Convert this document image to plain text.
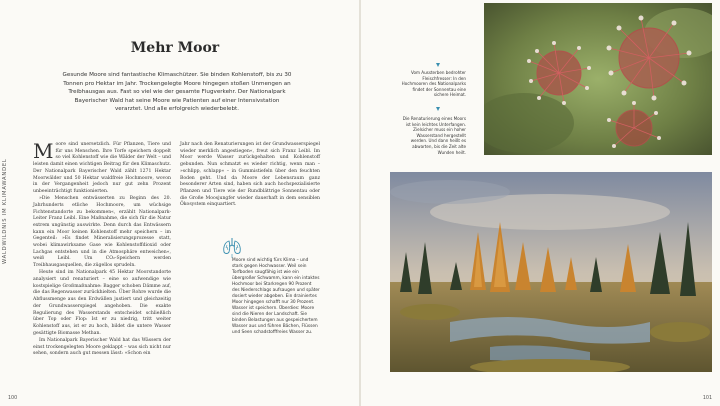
WALDWILDNIS IM KLIMAWANDEL
Mehr Moor

Gesunde Moore sind fantastische Klimaschützer. Sie binden Kohlenstoff, bis zu 30 Tonnen pro Hektar im Jahr. Trockengelegte Moore hingegen stoßen Unmengen an Treibhausgas aus. Fast so viel wie der gesamte Flugverkehr. Der Nationalpark Bayerischer Wald hat seine Moore wie Patienten auf einer Intensivstation verarztet. Und alle erfolgreich wiederbelebt.

Moore sind unersetzlich. Für Pflanzen, Tiere und für uns Menschen. Ihre Torfe speichern doppelt so viel Kohlenstoff wie die Wälder der Welt – und leisten damit einen wichtigen Beitrag für den Klimaschutz. Der Nationalpark Bayerischer Wald zählt 1271 Hektar Moorwälder und 50 Hektar waldfreie Hochmoore, wovon in der Vergangenheit jedoch nur gut zehn Prozent unbeeinträchtigt funktionierten.

»Die Menschen entwässerten zu Beginn des 20. Jahrhunderts etliche Hochmoore, um wüchsige Fichtenstandorte zu bekommen«, erzählt Nationalpark-Leiter Franz Leibl. Eine Maßnahme, die sich für die Natur extrem ungünstig auswirkte. Denn durch das Entwässern kann ein Moor keinen Kohlenstoff mehr speichern – im Gegenteil: »Es findet Mineralisierungsprozesse statt, wobei klimawirksame Gase wie Kohlenstoffdioxid oder Lachgas entstehen und in die Atmosphäre entweichen«, weiß Leibl. Um CO₂-Speichern werden Treibhausgasquellen, die zügellos sprudeln.

Heute sind im Nationalpark 45 Hektar Moorstandorte analysiert und renaturiert – eine so aufwendige wie kostspielige Großmaßnahme: Bagger schoben Dämme auf, die das Regenwasser zurückhielten. Über Rohre wurde die Abflussmenge aus den Erdwällen justiert und gleichzeitig der Grundwasserspiegel angehoben. Die exakte Regulierung des Wasserstands entscheidet schließlich über Top oder Flop: Ist er zu niedrig, tritt weiter Kohlenstoff aus, ist er zu hoch, bildet die untere Wasser gesättigte Biomasse Methan.

Im Nationalpark Bayerischer Wald hat das Wässern der einst trockengelegten Moore geklappt – was sich nicht nur sehen, sondern auch gut messen lässt: »Schon ein

Jahr nach den Renaturierungen ist der Grundwasserspiegel wieder merklich angestiegen«, freut sich Franz Leibl. Im Moor werde Wasser zurückgehalten und Kohlenstoff gebunden. Nun schmatzt es wieder richtig, wenn man – »schlipp, schlapp« – in Gummistiefeln über den feuchten Boden geht. Und da Moore der Lebensraum ganz besonderer Arten sind, haben sich auch hochspezialisierte Pflanzen und Tiere wie der Rundblättrige Sonnentau oder die Große Moosjungfer wieder dauerhaft in dem sensiblen Ökosystem einquartiert.

Moore sind wichtig fürs Klima – und stark gegen Hochwasser. Weil sein Torfboden saugfähig ist wie ein übergroßer Schwamm, kann ein intaktes Hochmoor bei Starkregen 90 Prozent des Niederschlags aufsaugen und später dosiert wieder abgeben. Ein drainiertes Moor hingegen schafft nur 30 Prozent. Wasser ist speichern. Überdies: Moore sind die Nieren der Landschaft. Sie binden Belastungen aus gespeichertem Wasser aus und führen Bächen, Flüssen und Seen schadstofffreies Wasser zu.
100	101
Vom Aussterben bedrohter Fleischfresser: In den Hochmooren des Nationalparks findet der Sonnentau eine sichere Heimat.
Die Renaturierung eines Moors ist kein leichtes Unterfangen. Zielsicher muss ein hoher Wasserstand hergestellt werden. Und dann heißt es abwarten, bis die Zeit alte Wunden heilt.
